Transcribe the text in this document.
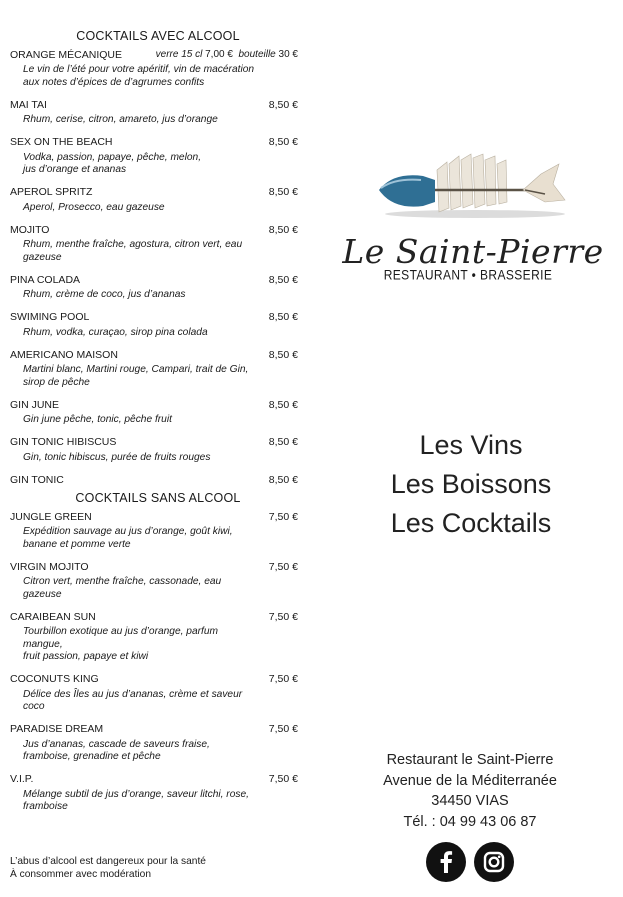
COCKTAILS AVEC ALCOOL
ORANGE MÉCANIQUE	verre 15 cl 7,00 € bouteille 30 €
Le vin de l’été pour votre apéritif, vin de macération
aux notes d’épices de d’agrumes confits
MAI TAI	8,50 €
Rhum, cerise, citron, amareto, jus d’orange
SEX ON THE BEACH	8,50 €
Vodka, passion, papaye, pêche, melon,
jus d’orange et ananas
APEROL SPRITZ	8,50 €
Aperol, Prosecco, eau gazeuse
MOJITO	8,50 €
Rhum, menthe fraîche, agostura, citron vert, eau
gazeuse
PINA COLADA	8,50 €
Rhum, crème de coco, jus d’ananas
SWIMING POOL	8,50 €
Rhum, vodka, curaçao, sirop pina colada
AMERICANO MAISON	8,50 €
Martini blanc, Martini rouge, Campari, trait de Gin,
sirop de pêche
GIN JUNE	8,50 €
Gin june pêche, tonic, pêche fruit
GIN TONIC HIBISCUS	8,50 €
Gin, tonic hibiscus, purée de fruits rouges
GIN TONIC	8,50 €
COCKTAILS SANS ALCOOL
JUNGLE GREEN	7,50 €
Expédition sauvage au jus d’orange, goût kiwi,
banane et pomme verte
VIRGIN MOJITO	7,50 €
Citron vert, menthe fraîche, cassonade, eau
gazeuse
CARAIBEAN SUN	7,50 €
Tourbillon exotique au jus d’orange, parfum
mangue,
fruit passion, papaye et kiwi
COCONUTS KING	7,50 €
Délice des Îles au jus d’ananas, crème et saveur
coco
PARADISE DREAM	7,50 €
Jus d’ananas, cascade de saveurs fraise,
framboise, grenadine et pêche
V.I.P.	7,50 €
Mélange subtil de jus d’orange, saveur litchi, rose,
framboise
L’abus d’alcool est dangereux pour la santé
À consommer avec modération
Le Saint-Pierre
RESTAURANT • BRASSERIE
Les Vins
Les Boissons
Les Cocktails
Restaurant le Saint-Pierre
Avenue de la Méditerranée
34450 VIAS
Tél. : 04 99 43 06 87
